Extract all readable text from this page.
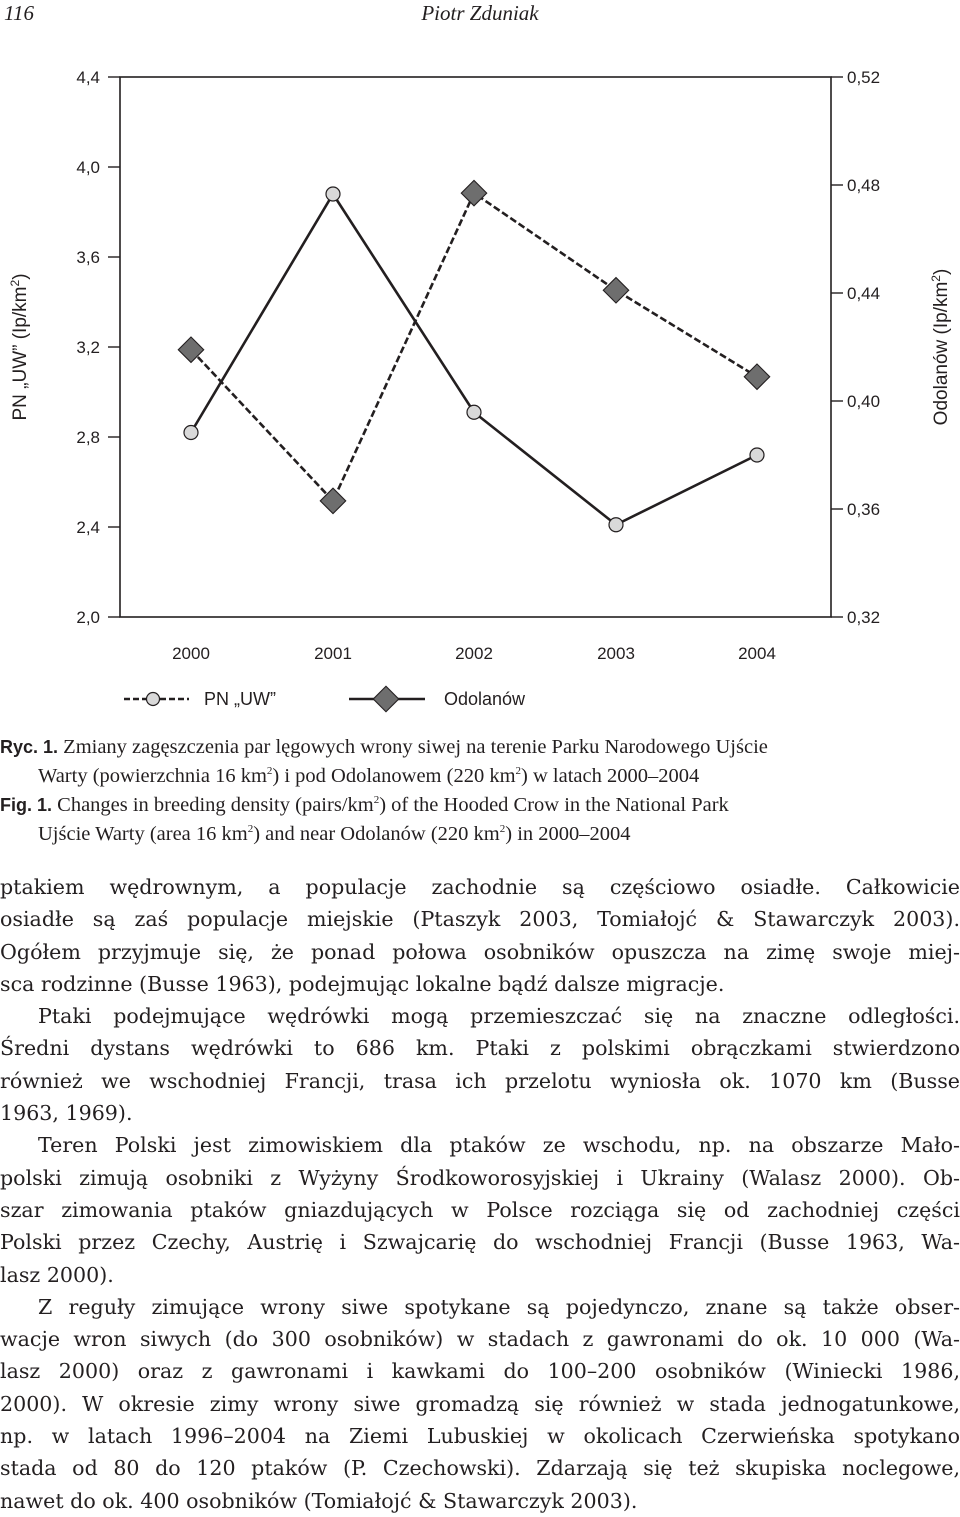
116	Piotr Zduniak
4,4
4,0
3,6
3,2
2,8
2,4
2,0
0,52
0,48
0,44
0,40
0,36
0,32
2000	2001	2002	2003	2004
PN „UW” $(Ip/km^2)$
Odolanów $(Ip/km^2)$
PN „UW”	Odolanów
Ryc. 1. Zmiany zagęszczenia par lęgowych wrony siwej na terenie Parku Narodowego Ujście
Warty (powierzchnia 16 $km^2$) i pod Odolanowem (220 $km^2$) w latach 2000–2004
Fig. 1. Changes in breeding density $(pairs/km^2)$ of the Hooded Crow in the National Park
Ujście Warty (area 16 $km^2$) and near Odolanów (220 $km^2$) in 2000–2004
ptakiem wędrownym, a populacje zachodnie są częściowo osiadłe. Całkowicie
osiadłe są zaś populacje miejskie (Ptaszyk 2003, Tomiałojć & Stawarczyk 2003).
Ogółem przyjmuje się, że ponad połowa osobników opuszcza na zimę swoje miej-
sca rodzinne (Busse 1963), podejmując lokalne bądź dalsze migracje.
Ptaki podejmujące wędrówki mogą przemieszczać się na znaczne odległości.
Średni dystans wędrówki to 686 km. Ptaki z polskimi obrączkami stwierdzono
również we wschodniej Francji, trasa ich przelotu wyniosła ok. 1070 km (Busse
1963, 1969).
Teren Polski jest zimowiskiem dla ptaków ze wschodu, np. na obszarze Mało-
polski zimują osobniki z Wyżyny Środkoworosyjskiej i Ukrainy (Walasz 2000). Ob-
szar zimowania ptaków gniazdujących w Polsce rozciąga się od zachodniej części
Polski przez Czechy, Austrię i Szwajcarię do wschodniej Francji (Busse 1963, Wa-
lasz 2000).
Z reguły zimujące wrony siwe spotykane są pojedynczo, znane są także obser-
wacje wron siwych (do 300 osobników) w stadach z gawronami do ok. 10 000 (Wa-
lasz 2000) oraz z gawronami i kawkami do 100–200 osobników (Winiecki 1986,
2000). W okresie zimy wrony siwe gromadzą się również w stada jednogatunkowe,
np. w latach 1996–2004 na Ziemi Lubuskiej w okolicach Czerwieńska spotykano
stada od 80 do 120 ptaków (P. Czechowski). Zdarzają się też skupiska noclegowe,
nawet do ok. 400 osobników (Tomiałojć & Stawarczyk 2003).
